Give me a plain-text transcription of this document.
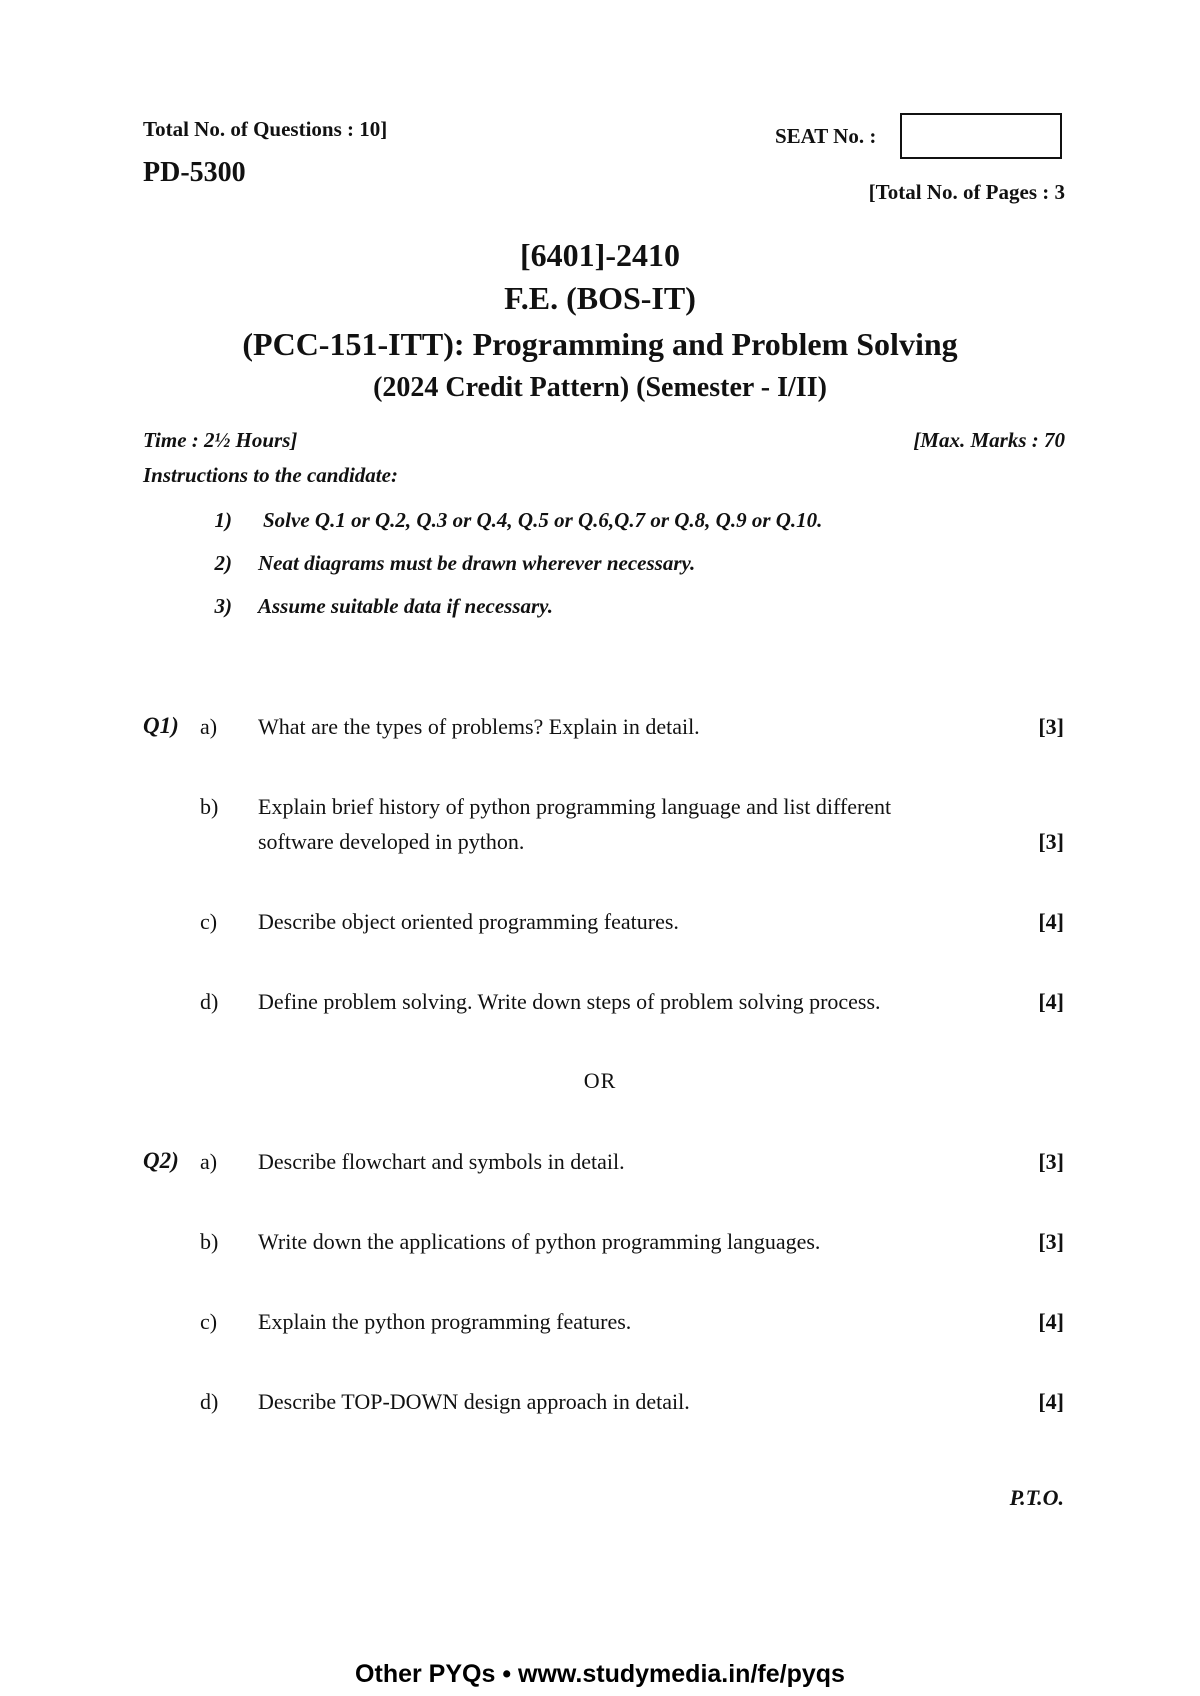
Total No. of Questions : 10]
PD-5300
SEAT No. :
[Total No. of Pages : 3
[6401]-2410
F.E. (BOS-IT)
(PCC-151-ITT): Programming and Problem Solving
(2024 Credit Pattern) (Semester - I/II)
Time : 2½ Hours]	[Max. Marks : 70
Instructions to the candidate:
1) Solve Q.1 or Q.2, Q.3 or Q.4, Q.5 or Q.6,Q.7 or Q.8, Q.9 or Q.10.
2) Neat diagrams must be drawn wherever necessary.
3) Assume suitable data if necessary.
Q1) a) What are the types of problems? Explain in detail.	[3]
b) Explain brief history of python programming language and list different
software developed in python.	[3]
c) Describe object oriented programming features.	[4]
d) Define problem solving. Write down steps of problem solving process.	[4]
OR
Q2) a) Describe flowchart and symbols in detail.	[3]
b) Write down the applications of python programming languages.	[3]
c) Explain the python programming features.	[4]
d) Describe TOP-DOWN design approach in detail.	[4]
P.T.O.
Other PYQs • www.studymedia.in/fe/pyqs
